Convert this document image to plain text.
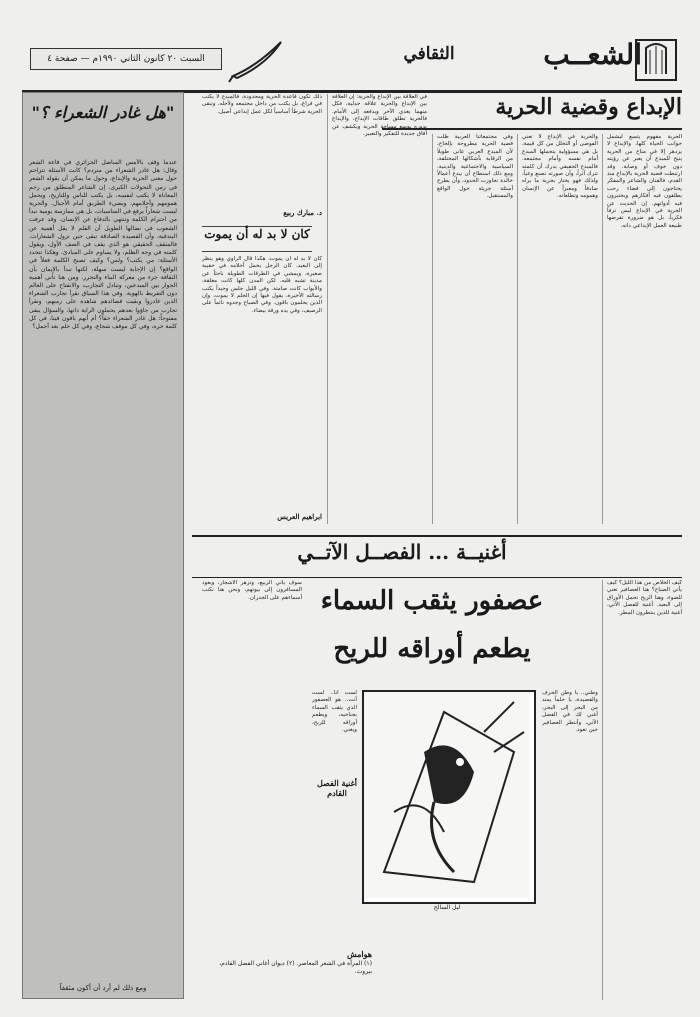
السبت ٢٠ كانون الثاني ١٩٩٠م — صفحة ٤	الثقافي	الشعــب
"هل غادر الشعراء ؟"
عندما وقف بالأمس المناضل الجزائري في قاعة الشعر وقال: هل غادر الشعراء من متردم؟ كانت الأسئلة تتزاحم حول معنى الحرية والإبداع، وحول ما يمكن أن يقوله الشعر في زمن التحولات الكبرى. إن الشاعر المنطلق من رحم المعاناة لا يكتب لنفسه، بل يكتب للناس وللتاريخ، ويحمل همومهم وأحلامهم، ويضيء الطريق أمام الأجيال. والحرية ليست شعاراً يرفع في المناسبات، بل هي ممارسة يومية تبدأ من احترام الكلمة وتنتهي بالدفاع عن الإنسان. وقد عرفت الشعوب في نضالها الطويل أن القلم لا يقل أهمية عن البندقية، وأن القصيدة الصادقة تبقى حين تزول الشعارات. فالمثقف الحقيقي هو الذي يقف في الصف الأول، ويقول كلمته في وجه الظلم، ولا يساوم على المبادئ. وهكذا تتجدد الأسئلة: من يكتب؟ ولمن؟ وكيف تصبح الكلمة فعلاً في الواقع؟ إن الإجابة ليست سهلة، لكنها تبدأ بالإيمان بأن الثقافة جزء من معركة البناء والتحرر. ومن هنا تأتي أهمية الحوار بين المبدعين، وتبادل التجارب، والانفتاح على العالم دون التفريط بالهوية. وفي هذا السياق نقرأ تجارب الشعراء الذين غادروا وبقيت قصائدهم شاهدة على زمنهم، ونقرأ تجارب من جاؤوا بعدهم يحملون الراية ذاتها. والسؤال يبقى مفتوحاً: هل غادر الشعراء حقاً؟ أم أنهم باقون فينا، في كل كلمة حرة، وفي كل موقف شجاع، وفي كل حلم بغد أجمل؟
ومع ذلك لم أرد أن أكون مثقفاً
الإبداع وقضية الحرية
الحرية مفهوم يتسع ليشمل جوانب الحياة كلها، والإبداع لا يزدهر إلا في مناخ من الحرية يتيح للمبدع أن يعبر عن رؤيته دون خوف أو وصاية. وقد ارتبطت قضية الحرية بالإبداع منذ القدم، فالفنان والشاعر والمفكر يحتاجون إلى فضاء رحب يطلقون فيه أفكارهم ويختبرون فيه أدواتهم. إن الحديث عن الحرية في الإبداع ليس ترفاً فكرياً، بل هو ضرورة تفرضها طبيعة العمل الإبداعي ذاته.
والحرية في الإبداع لا تعني الفوضى أو التحلل من كل قيمة، بل هي مسؤولية يتحملها المبدع أمام نفسه وأمام مجتمعه. فالمبدع الحقيقي يدرك أن كلمته تترك أثراً، وأن صورته تصنع وعياً، ولذلك فهو يختار بحرية ما يراه صادقاً ومعبراً عن الإنسان وهمومه وتطلعاته.
وفي مجتمعاتنا العربية ظلت قضية الحرية مطروحة بإلحاح، لأن المبدع العربي عانى طويلاً من الرقابة بأشكالها المختلفة، السياسية والاجتماعية والدينية. ومع ذلك استطاع أن يبدع أعمالاً خالدة تجاوزت الحدود، وأن يطرح أسئلة جريئة حول الواقع والمستقبل.
في العلاقة بين الإبداع والحرية: إن العلاقة بين الإبداع والحرية علاقة جدلية، فكل منهما يغذي الآخر ويدفعه إلى الأمام. فالحرية تطلق طاقات الإبداع، والإبداع بدوره يوسع مساحة الحرية ويكشف عن آفاق جديدة للتفكير والتعبير.
ذلك تكون قاعدة الحرية ومحدودة، فالمبدع لا يكتب في فراغ، بل يكتب من داخل مجتمعه ولأجله. وتبقى الحرية شرطاً أساسياً لكل عمل إبداعي أصيل.
د. مبارك ربيع
كان لا بد له أن يموت
كان لا بد له أن يموت، هكذا قال الراوي وهو ينظر إلى البعيد. كان الرجل يحمل أحلامه في حقيبة صغيرة، ويمشي في الطرقات الطويلة باحثاً عن مدينة تشبه قلبه. لكن المدن كلها كانت مغلقة، والأبواب كانت صامتة. وفي الليل جلس وحيداً يكتب رسالته الأخيرة، يقول فيها إن الحلم لا يموت، وإن الذين يحلمون باقون. وفي الصباح وجدوه نائماً على الرصيف، وفي يده ورقة بيضاء.
ابراهيم العريس
أغنيــة ... الفصــل الآتــي
عصفور يثقب السماء
يطعم أوراقه للريح
كيف الخلاص من هذا الليل؟ كيف يأتي الصباح؟ هنا العصافير تغني للضوء، وهنا الريح تحمل الأوراق إلى البعيد. أغنية للفصل الآتي، أغنية للذين ينتظرون المطر.
وطني.. يا وطن الحرف والقصيدة، يا حلماً يمتد من البحر إلى البحر، أغني لك في الفصل الآتي، وأنتظر العصافير حين تعود.
سوف يأتي الربيع، وتزهر الأشجار، ويعود المسافرون إلى بيوتهم، ونحن هنا نكتب أسماءهم على الجدران.
لست أنا.. لست أنت.. هو العصفور الذي يثقب السماء بجناحيه، ويطعم أوراقه للريح، ويغني.
أغنية الفصل القادم
ليل السالح
هوامش
(١) المرأة في الشعر المعاصر. (٢) ديوان أغاني الفصل القادم، بيروت.
